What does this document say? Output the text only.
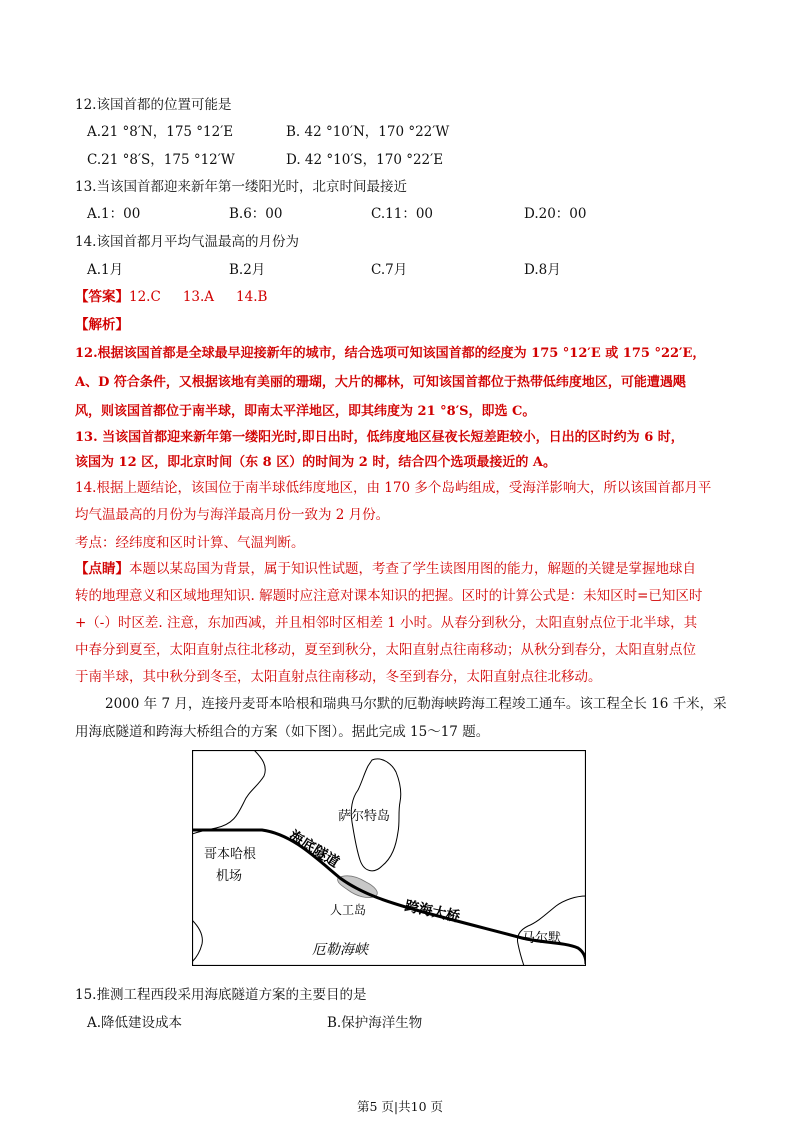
12.该国首都的位置可能是
A.21 °8′N，175 °12′E	B. 42 °10′N，170 °22′W
C.21 °8′S，175 °12′W	D. 42 °10′S，170 °22′E
13.当该国首都迎来新年第一缕阳光时，北京时间最接近
A.1：00	B.6：00	C.11：00	D.20：00
14.该国首都月平均气温最高的月份为
A.1月	B.2月	C.7月	D.8月
【答案】12.C 13.A 14.B
【解析】
12.根据该国首都是全球最早迎接新年的城市，结合选项可知该国首都的经度为 175 °12′E 或 175 °22′E，
A、D 符合条件，又根据该地有美丽的珊瑚，大片的椰林，可知该国首都位于热带低纬度地区，可能遭遇飓
风，则该国首都位于南半球，即南太平洋地区，即其纬度为 21 °8′S，即选 C。
13. 当该国首都迎来新年第一缕阳光时,即日出时，低纬度地区昼夜长短差距较小，日出的区时约为 6 时，
该国为 12 区，即北京时间（东 8 区）的时间为 2 时，结合四个选项最接近的 A。
14.根据上题结论，该国位于南半球低纬度地区，由 170 多个岛屿组成，受海洋影响大，所以该国首都月平
均气温最高的月份为与海洋最高月份一致为 2 月份。
考点：经纬度和区时计算、气温判断。
【点睛】本题以某岛国为背景，属于知识性试题，考查了学生读图用图的能力，解题的关键是掌握地球自
转的地理意义和区域地理知识. 解题时应注意对课本知识的把握。区时的计算公式是：未知区时=已知区时
+（-）时区差. 注意，东加西减，并且相邻时区相差 1 小时。从春分到秋分，太阳直射点位于北半球，其
中春分到夏至，太阳直射点往北移动，夏至到秋分，太阳直射点往南移动；从秋分到春分，太阳直射点位
于南半球，其中秋分到冬至，太阳直射点往南移动，冬至到春分，太阳直射点往北移动。
2000 年 7 月，连接丹麦哥本哈根和瑞典马尔默的厄勒海峡跨海工程竣工通车。该工程全长 16 千米，采
用海底隧道和跨海大桥组合的方案（如下图）。据此完成 15～17 题。
萨尔特岛
海底隧道
哥本哈根
机场
人工岛	跨海大桥
马尔默
厄勒海峡
15.推测工程西段采用海底隧道方案的主要目的是
A.降低建设成本	B.保护海洋生物
第5 页|共10 页
